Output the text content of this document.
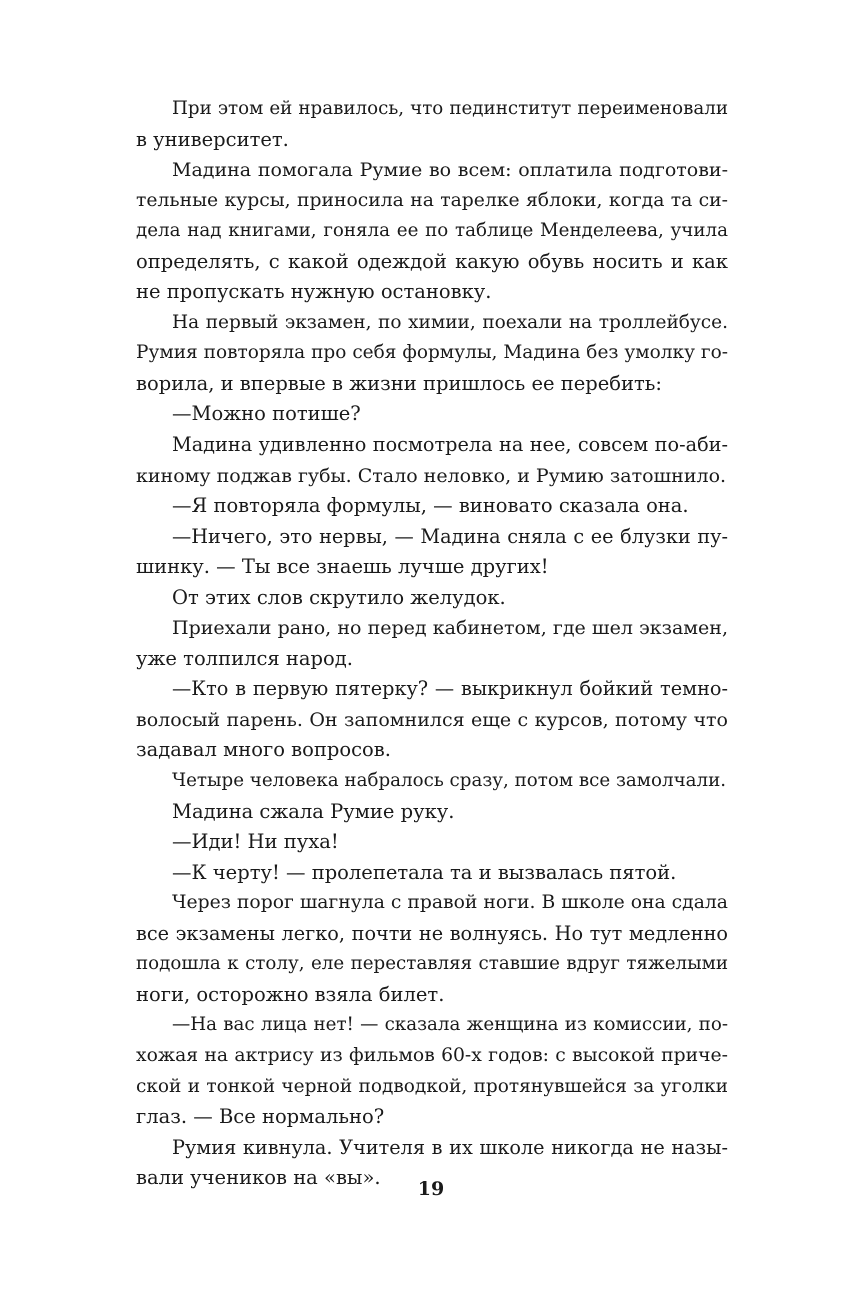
При этом ей нравилось, что пединститут переименовали
в университет.
Мадина помогала Румие во всем: оплатила подготови-
тельные курсы, приносила на тарелке яблоки, когда та си-
дела над книгами, гоняла ее по таблице Менделеева, учила
определять, с какой одеждой какую обувь носить и как
не пропускать нужную остановку.
На первый экзамен, по химии, поехали на троллейбусе.
Румия повторяла про себя формулы, Мадина без умолку го-
ворила, и впервые в жизни пришлось ее перебить:
—Можно потише?
Мадина удивленно посмотрела на нее, совсем по-аби-
киному поджав губы. Стало неловко, и Румию затошнило.
—Я повторяла формулы, — виновато сказала она.
—Ничего, это нервы, — Мадина сняла с ее блузки пу-
шинку. — Ты все знаешь лучше других!
От этих слов скрутило желудок.
Приехали рано, но перед кабинетом, где шел экзамен,
уже толпился народ.
—Кто в первую пятерку? — выкрикнул бойкий темно-
волосый парень. Он запомнился еще с курсов, потому что
задавал много вопросов.
Четыре человека набралось сразу, потом все замолчали.
Мадина сжала Румие руку.
—Иди! Ни пуха!
—К черту! — пролепетала та и вызвалась пятой.
Через порог шагнула с правой ноги. В школе она сдала
все экзамены легко, почти не волнуясь. Но тут медленно
подошла к столу, еле переставляя ставшие вдруг тяжелыми
ноги, осторожно взяла билет.
—На вас лица нет! — сказала женщина из комиссии, по-
хожая на актрису из фильмов 60-х годов: с высокой приче-
ской и тонкой черной подводкой, протянувшейся за уголки
глаз. — Все нормально?
Румия кивнула. Учителя в их школе никогда не назы-
вали учеников на «вы».	19
